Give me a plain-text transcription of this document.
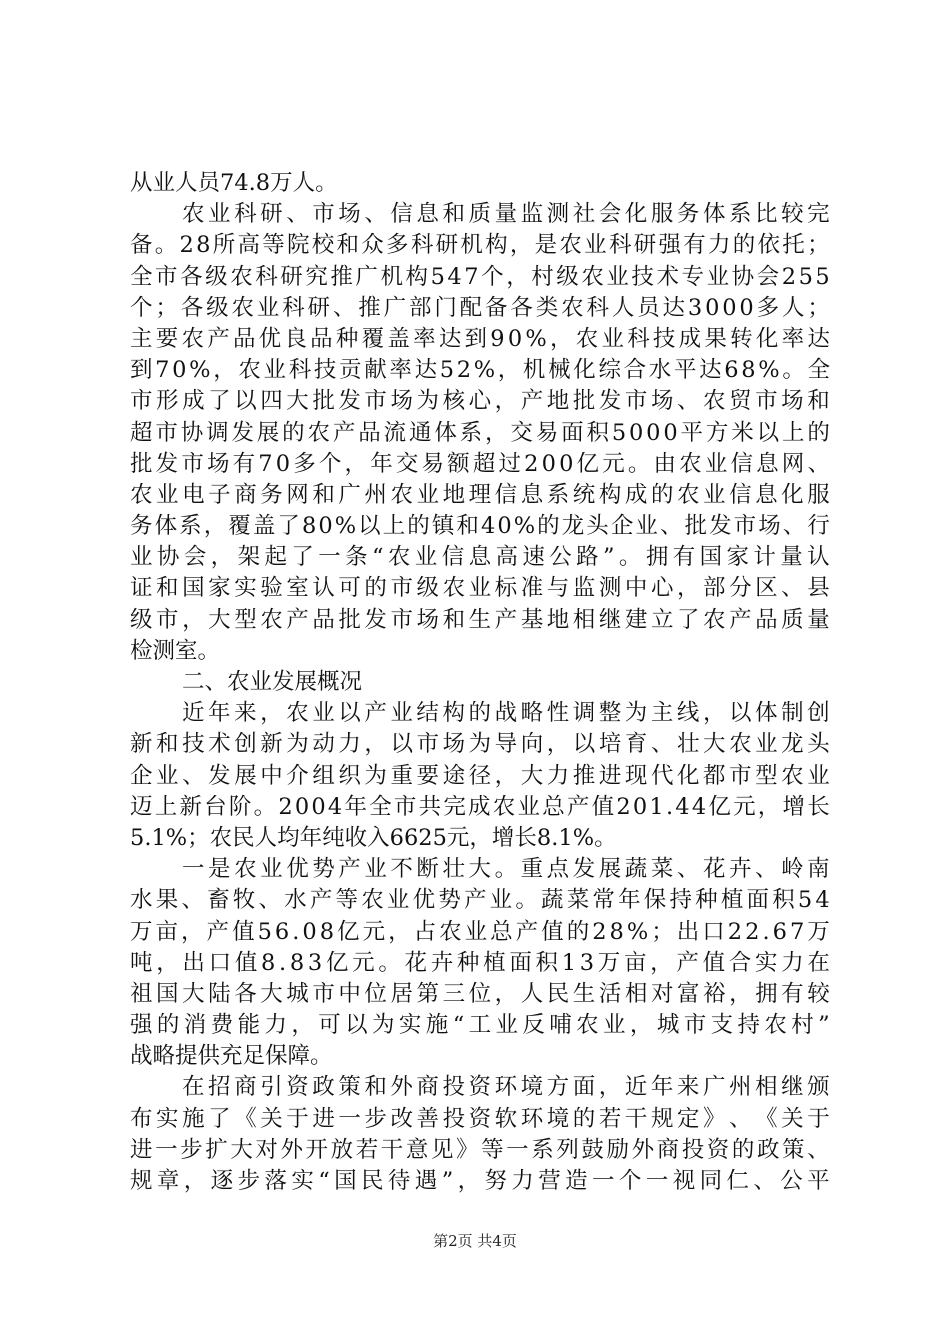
从业人员74.8万人。
农 业 科 研 、 市 场 、 信 息 和 质 量 监 测 社 会 化 服 务 体 系 比 较 完
备 。 2 8 所 高 等 院 校 和 众 多 科 研 机 构 ， 是 农 业 科 研 强 有 力 的 依 托 ；
全 市 各 级 农 科 研 究 推 广 机 构 5 4 7 个 ， 村 级 农 业 技 术 专 业 协 会 2 5 5
个 ； 各 级 农 业 科 研 、 推 广 部 门 配 备 各 类 农 科 人 员 达 3 0 0 0 多 人 ；
主 要 农 产 品 优 良 品 种 覆 盖 率 达 到 9 0 % ， 农 业 科 技 成 果 转 化 率 达
到 7 0 % ， 农 业 科 技 贡 献 率 达 5 2 % ， 机 械 化 综 合 水 平 达 6 8 % 。 全
市 形 成 了 以 四 大 批 发 市 场 为 核 心 ， 产 地 批 发 市 场 、 农 贸 市 场 和
超 市 协 调 发 展 的 农 产 品 流 通 体 系 ， 交 易 面 积 5 0 0 0 平 方 米 以 上 的
批 发 市 场 有 7 0 多 个 ， 年 交 易 额 超 过 2 0 0 亿 元 。 由 农 业 信 息 网 、
农 业 电 子 商 务 网 和 广 州 农 业 地 理 信 息 系 统 构 成 的 农 业 信 息 化 服
务 体 系 ， 覆 盖 了 8 0 % 以 上 的 镇 和 4 0 % 的 龙 头 企 业 、 批 发 市 场 、 行
业 协 会 ， 架 起 了 一 条 “ 农 业 信 息 高 速 公 路 ” 。 拥 有 国 家 计 量 认
证 和 国 家 实 验 室 认 可 的 市 级 农 业 标 准 与 监 测 中 心 ， 部 分 区 、 县
级 市 ， 大 型 农 产 品 批 发 市 场 和 生 产 基 地 相 继 建 立 了 农 产 品 质 量
检测室。
二、农业发展概况
近 年 来 ， 农 业 以 产 业 结 构 的 战 略 性 调 整 为 主 线 ， 以 体 制 创
新 和 技 术 创 新 为 动 力 ， 以 市 场 为 导 向 ， 以 培 育 、 壮 大 农 业 龙 头
企 业 、 发 展 中 介 组 织 为 重 要 途 径 ， 大 力 推 进 现 代 化 都 市 型 农 业
迈 上 新 台 阶 。 2 0 0 4 年 全 市 共 完 成 农 业 总 产 值 2 0 1 . 4 4 亿 元 ， 增 长
5.1%；农民人均年纯收入6625元，增长8.1%。
一 是 农 业 优 势 产 业 不 断 壮 大 。 重 点 发 展 蔬 菜 、 花 卉 、 岭 南
水 果 、 畜 牧 、 水 产 等 农 业 优 势 产 业 。 蔬 菜 常 年 保 持 种 植 面 积 5 4
万 亩 ， 产 值 5 6 . 0 8 亿 元 ， 占 农 业 总 产 值 的 2 8 % ； 出 口 2 2 . 6 7 万
吨 ， 出 口 值 8 . 8 3 亿 元 。 花 卉 种 植 面 积 1 3 万 亩 ， 产 值 合 实 力 在
祖 国 大 陆 各 大 城 市 中 位 居 第 三 位 ， 人 民 生 活 相 对 富 裕 ， 拥 有 较
强 的 消 费 能 力 ， 可 以 为 实 施 “ 工 业 反 哺 农 业 ， 城 市 支 持 农 村 ”
战略提供充足保障。
在 招 商 引 资 政 策 和 外 商 投 资 环 境 方 面 ， 近 年 来 广 州 相 继 颁
布 实 施 了 《 关 于 进 一 步 改 善 投 资 软 环 境 的 若 干 规 定 》 、 《 关 于
进 一 步 扩 大 对 外 开 放 若 干 意 见 》 等 一 系 列 鼓 励 外 商 投 资 的 政 策 、
规 章 ， 逐 步 落 实 “ 国 民 待 遇 ” ， 努 力 营 造 一 个 一 视 同 仁 、 公 平
第2页 共4页
